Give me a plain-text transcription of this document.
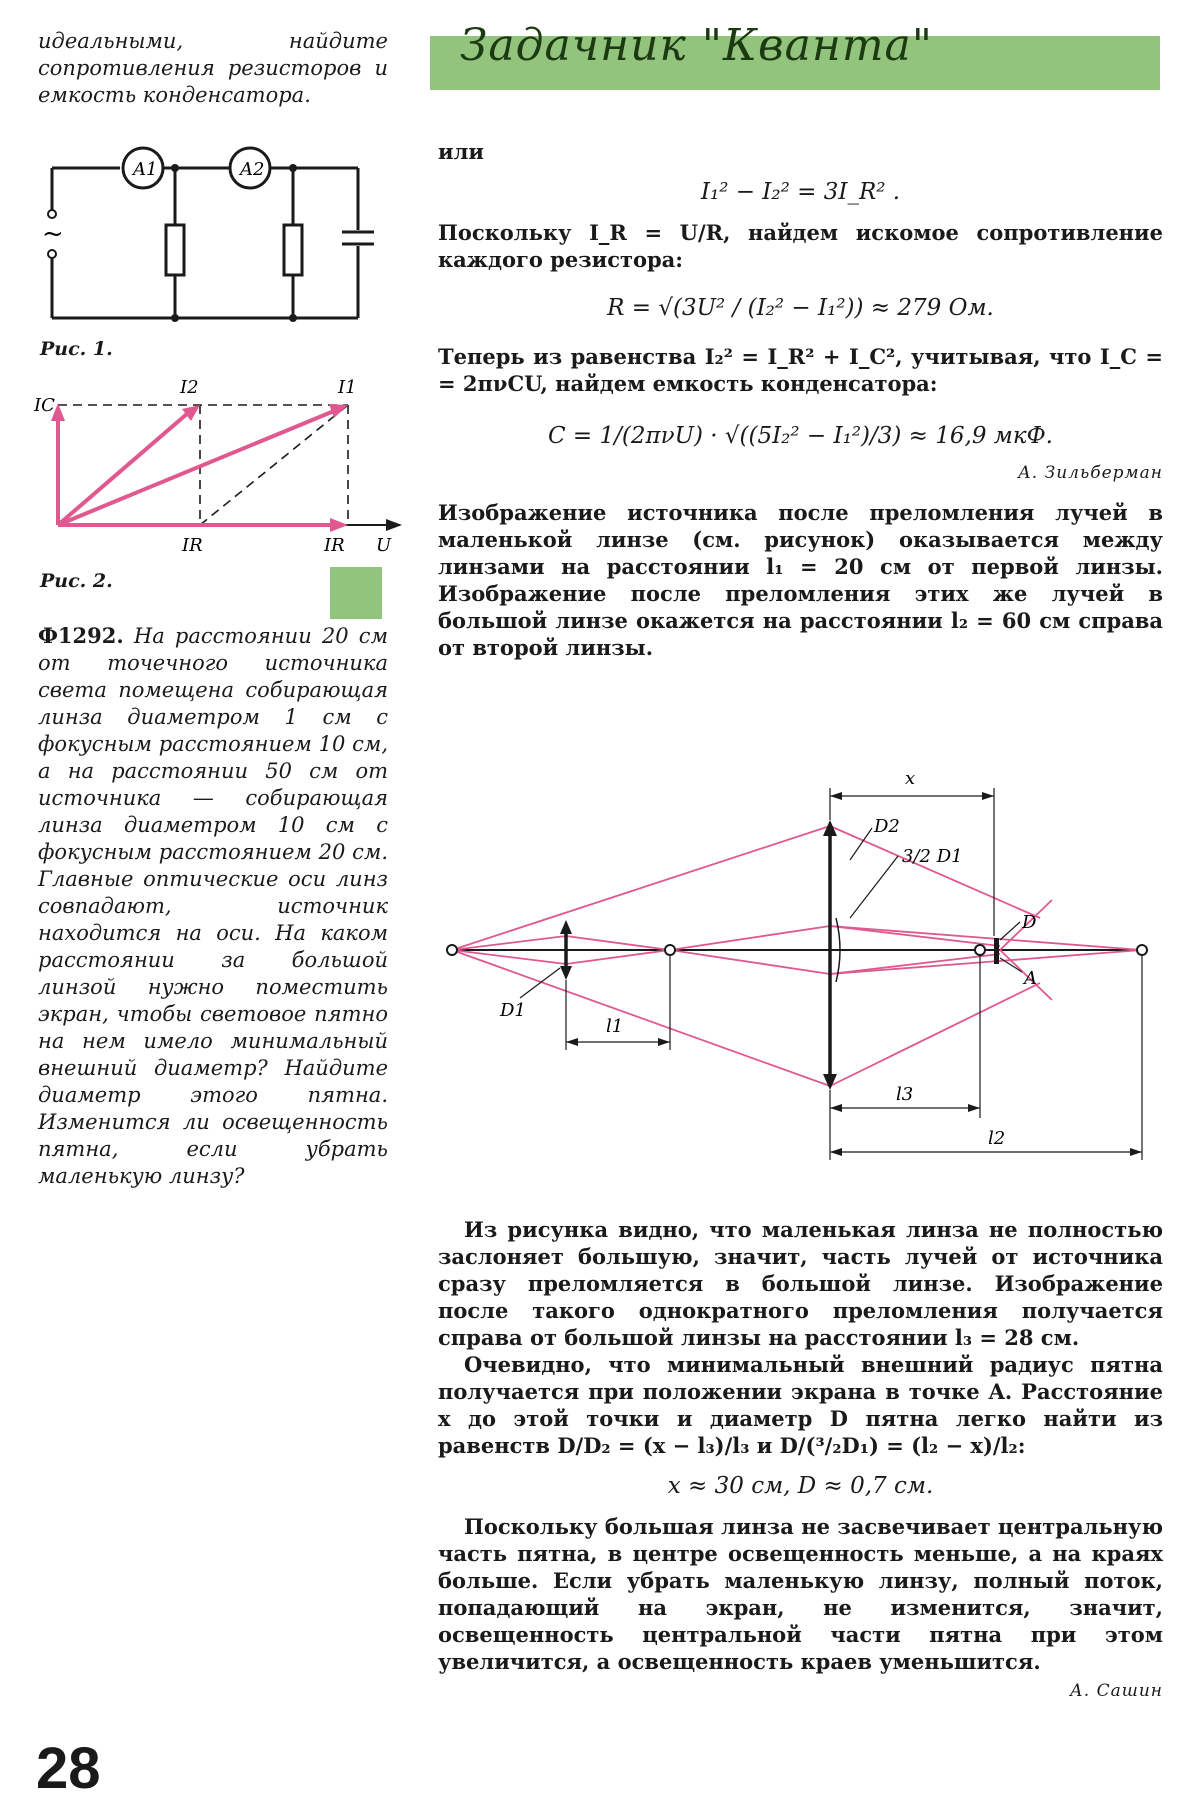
Задачник "Кванта"

идеальными, найдите сопротивления резисторов и емкость конденсатора.

A1	A2
~
Рис. 1.
IC
I2	I1
IR	IR U
Рис. 2.

Ф1292. На расстоянии 20 см от точечного источника света помещена собирающая линза диаметром 1 см с фокусным расстоянием 10 см, а на расстоянии 50 см от источника — собирающая линза диаметром 10 см с фокусным расстоянием 20 см. Главные оптические оси линз совпадают, источник находится на оси. На каком расстоянии за большой линзой нужно поместить экран, чтобы световое пятно на нем имело минимальный внешний диаметр? Найдите диаметр этого пятна. Изменится ли освещенность пятна, если убрать маленькую линзу?

или

I₁² − I₂² = 3I_R² .

Поскольку I_R = U/R, найдем искомое сопротивление каждого резистора:

R = √(3U² / (I₂² − I₁²)) ≈ 279 Ом.

Теперь из равенства I₂² = I_R² + I_C², учитывая, что I_C = = 2πνCU, найдем емкость конденсатора:

C = 1/(2πνU) · √((5I₂² − I₁²)/3) ≈ 16,9 мкФ.
А. Зильберман

Изображение источника после преломления лучей в маленькой линзе (см. рисунок) оказывается между линзами на расстоянии l₁ = 20 см от первой линзы. Изображение после преломления этих же лучей в большой линзе окажется на расстоянии l₂ = 60 см справа от второй линзы.

x
D2
3/2 D1
D
A
D1
l1
l3
l2

Из рисунка видно, что маленькая линза не полностью заслоняет большую, значит, часть лучей от источника сразу преломляется в большой линзе. Изображение после такого однократного преломления получается справа от большой линзы на расстоянии l₃ = 28 см.

Очевидно, что минимальный внешний радиус пятна получается при положении экрана в точке A. Расстояние x до этой точки и диаметр D пятна легко найти из равенств D/D₂ = (x − l₃)/l₃ и D/(³/₂D₁) = (l₂ − x)/l₂:

x ≈ 30 см, D ≈ 0,7 см.

Поскольку большая линза не засвечивает центральную часть пятна, в центре освещенность меньше, а на краях больше. Если убрать маленькую линзу, полный поток, попадающий на экран, не изменится, значит, освещенность центральной части пятна при этом увеличится, а освещенность краев уменьшится.

А. Сашин
28
